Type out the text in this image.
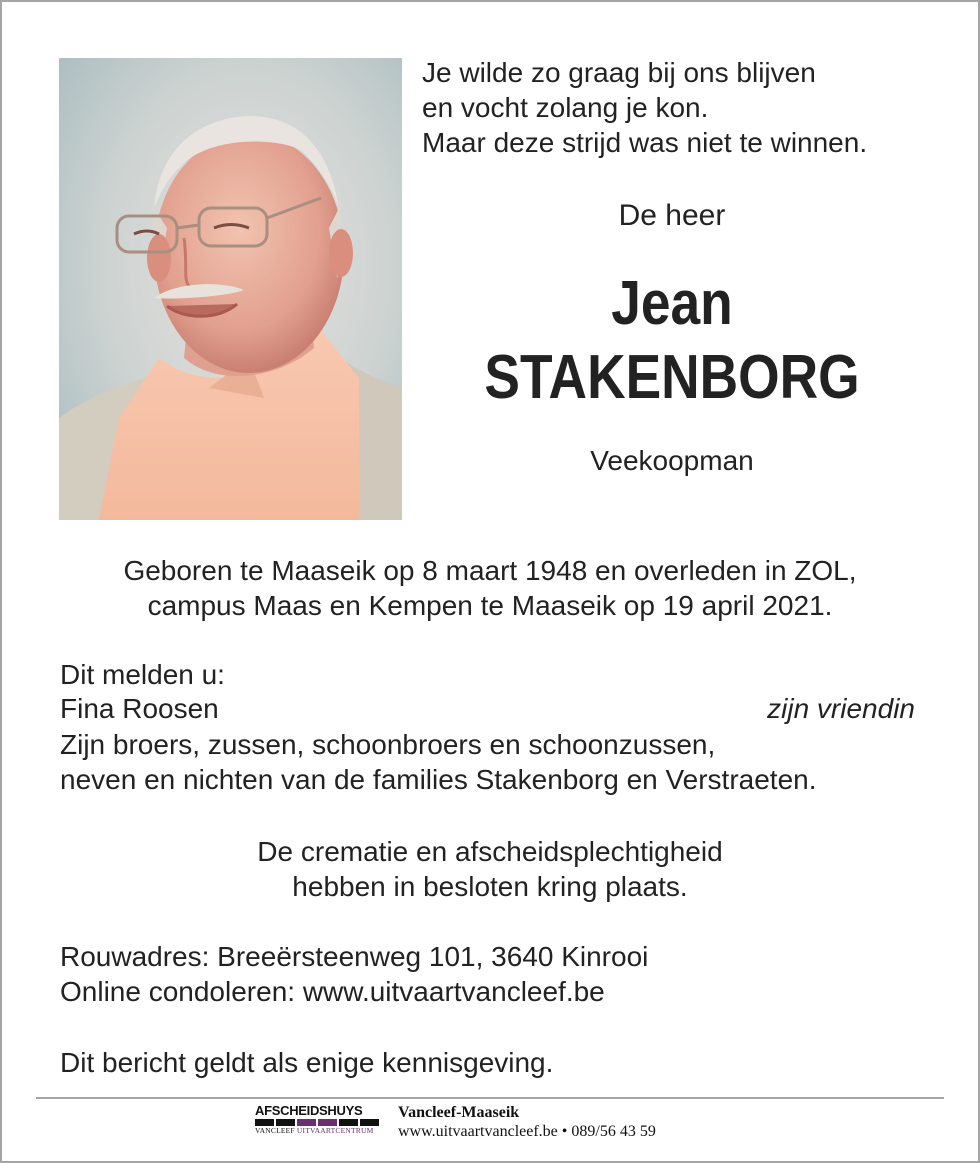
Je wilde zo graag bij ons blijven
en vocht zolang je kon.
Maar deze strijd was niet te winnen.
De heer
Jean
STAKENBORG
Veekoopman
Geboren te Maaseik op 8 maart 1948 en overleden in ZOL,
campus Maas en Kempen te Maaseik op 19 april 2021.
Dit melden u:
Fina Roosen	zijn vriendin
Zijn broers, zussen, schoonbroers en schoonzussen,
neven en nichten van de families Stakenborg en Verstraeten.
De crematie en afscheidsplechtigheid
hebben in besloten kring plaats.
Rouwadres: Breeërsteenweg 101, 3640 Kinrooi
Online condoleren: www.uitvaartvancleef.be
Dit bericht geldt als enige kennisgeving.
AFSCHEIDSHUYS
VANCLEEF UITVAARTCENTRUM
Vancleef-Maaseik
www.uitvaartvancleef.be • 089/56 43 59
